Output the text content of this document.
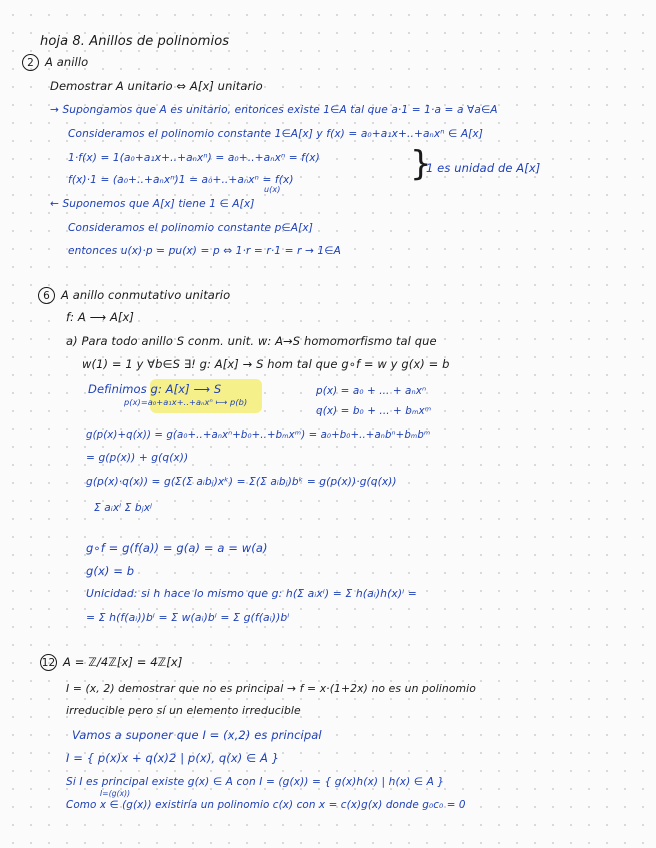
hoja 8. Anillos de polinomios
2 A anillo
Demostrar A unitario ⇔ A[x] unitario
→ Supongamos que A es unitario, entonces existe 1∈A tal que a·1 = 1·a = a ∀a∈A
Consideramos el polinomio constante 1∈A[x] y f(x) = a₀+a₁x+..+aₙxⁿ ∈ A[x]
1·f(x) = 1(a₀+a₁x+..+aₙxⁿ) = a₀+..+aₙxⁿ = f(x)
f(x)·1 = (a₀+..+aₙxⁿ)1 = a₀+..+aₙxⁿ = f(x)	}
1 es unidad de A[x]
u(x)
← Suponemos que A[x] tiene 1 ∈ A[x]
Consideramos el polinomio constante p∈A[x]
entonces u(x)·p = pu(x) = p ⇔ 1·r = r·1 = r → 1∈A
6 A anillo conmutativo unitario
f: A ⟶ A[x]
a) Para todo anillo S conm. unit. w: A→S homomorfismo tal que
w(1) = 1 y ∀b∈S ∃! g: A[x] → S hom tal que g∘f = w y g(x) = b
Definimos g: A[x] ⟶ S
p(x)=a₀+a₁x+..+aₙxⁿ ⟼ p(b)
p(x) = a₀ + ... + aₙxⁿ
q(x) = b₀ + ... + bₘxᵐ
g(p(x)+q(x)) = g(a₀+..+aₙxⁿ+b₀+..+bₘxᵐ) = a₀+b₀+..+aₙbⁿ+bₘbᵐ
= g(p(x)) + g(q(x))
g(p(x)·q(x)) = g(Σ(Σ aᵢbⱼ)xᵏ) = Σ(Σ aᵢbⱼ)bᵏ = g(p(x))·g(q(x))
Σ aᵢxⁱ Σ bⱼxʲ
g∘f = g(f(a)) = g(a) = a = w(a)
g(x) = b
Unicidad: si h hace lo mismo que g: h(Σ aᵢxⁱ) = Σ h(aᵢ)h(x)ⁱ =
= Σ h(f(aᵢ))bⁱ = Σ w(aᵢ)bⁱ = Σ g(f(aᵢ))bⁱ
12 A = ℤ/4ℤ[x] = 4ℤ[x]
I = (x, 2) demostrar que no es principal → f = x·(1+2x) no es un polinomio
irreducible pero sí un elemento irreducible
Vamos a suponer que I = (x,2) es principal
I = { p(x)x + q(x)2 | p(x), q(x) ∈ A }
Si I es principal existe g(x) ∈ A con I = (g(x)) = { g(x)h(x) | h(x) ∈ A }
I=(g(x))
Como x ∈ (g(x)) existiría un polinomio c(x) con x = c(x)g(x) donde g₀c₀ = 0
